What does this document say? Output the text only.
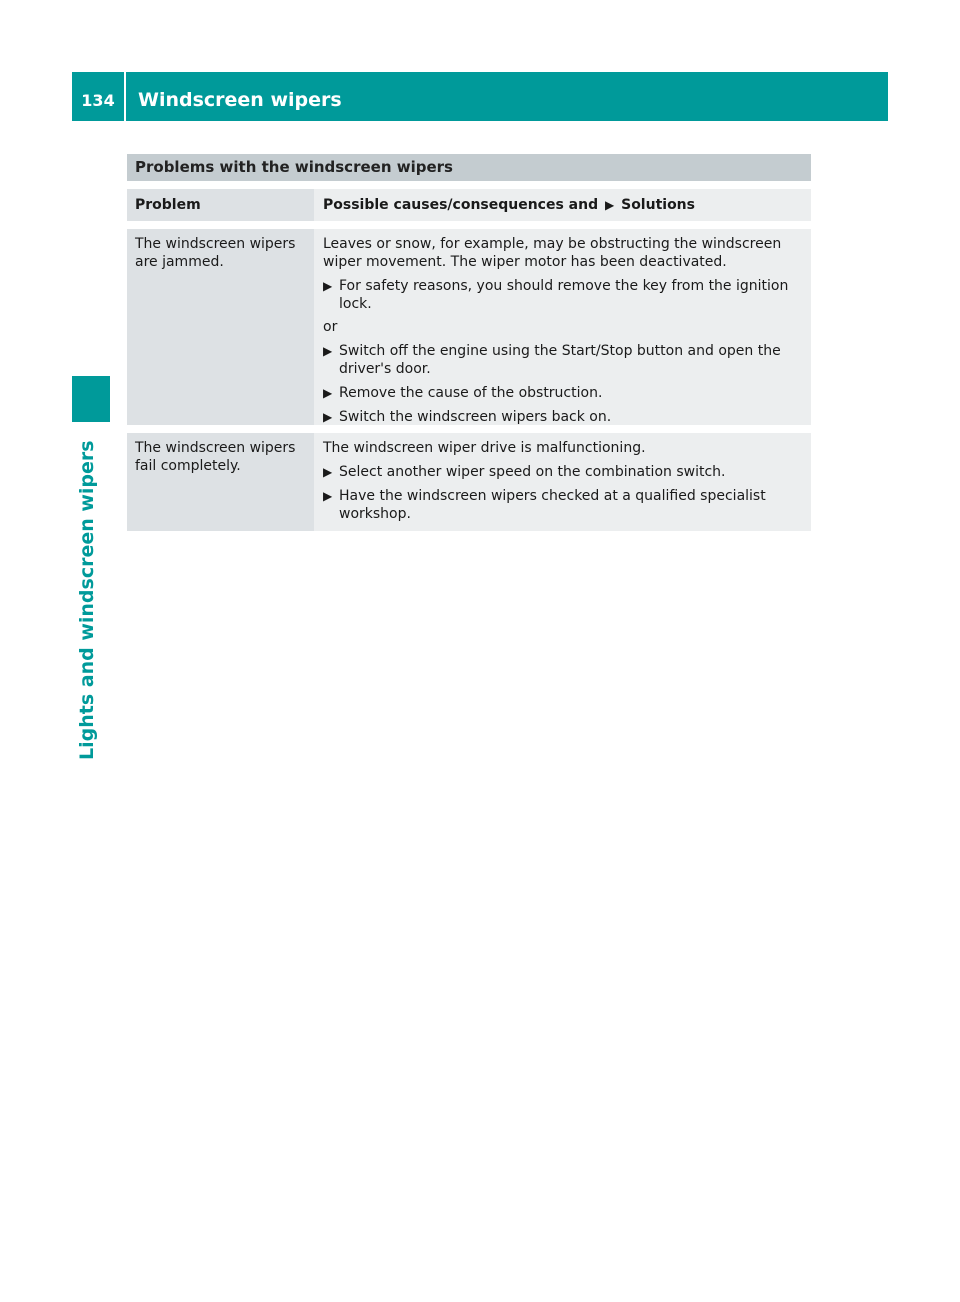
134	Windscreen wipers
Lights and windscreen wipers
Problems with the windscreen wipers
Problem	Possible causes/consequences and ▶ Solutions
The windscreen wipers are jammed.

Leaves or snow, for example, may be obstructing the windscreen wiper movement. The wiper motor has been deactivated.

▶ For safety reasons, you should remove the key from the ignition lock.

or

▶ Switch off the engine using the Start/Stop button and open the driver's door.
▶ Remove the cause of the obstruction.
▶ Switch the windscreen wipers back on.
The windscreen wipers fail completely.

The windscreen wiper drive is malfunctioning.

▶ Select another wiper speed on the combination switch.
▶ Have the windscreen wipers checked at a qualified specialist workshop.
